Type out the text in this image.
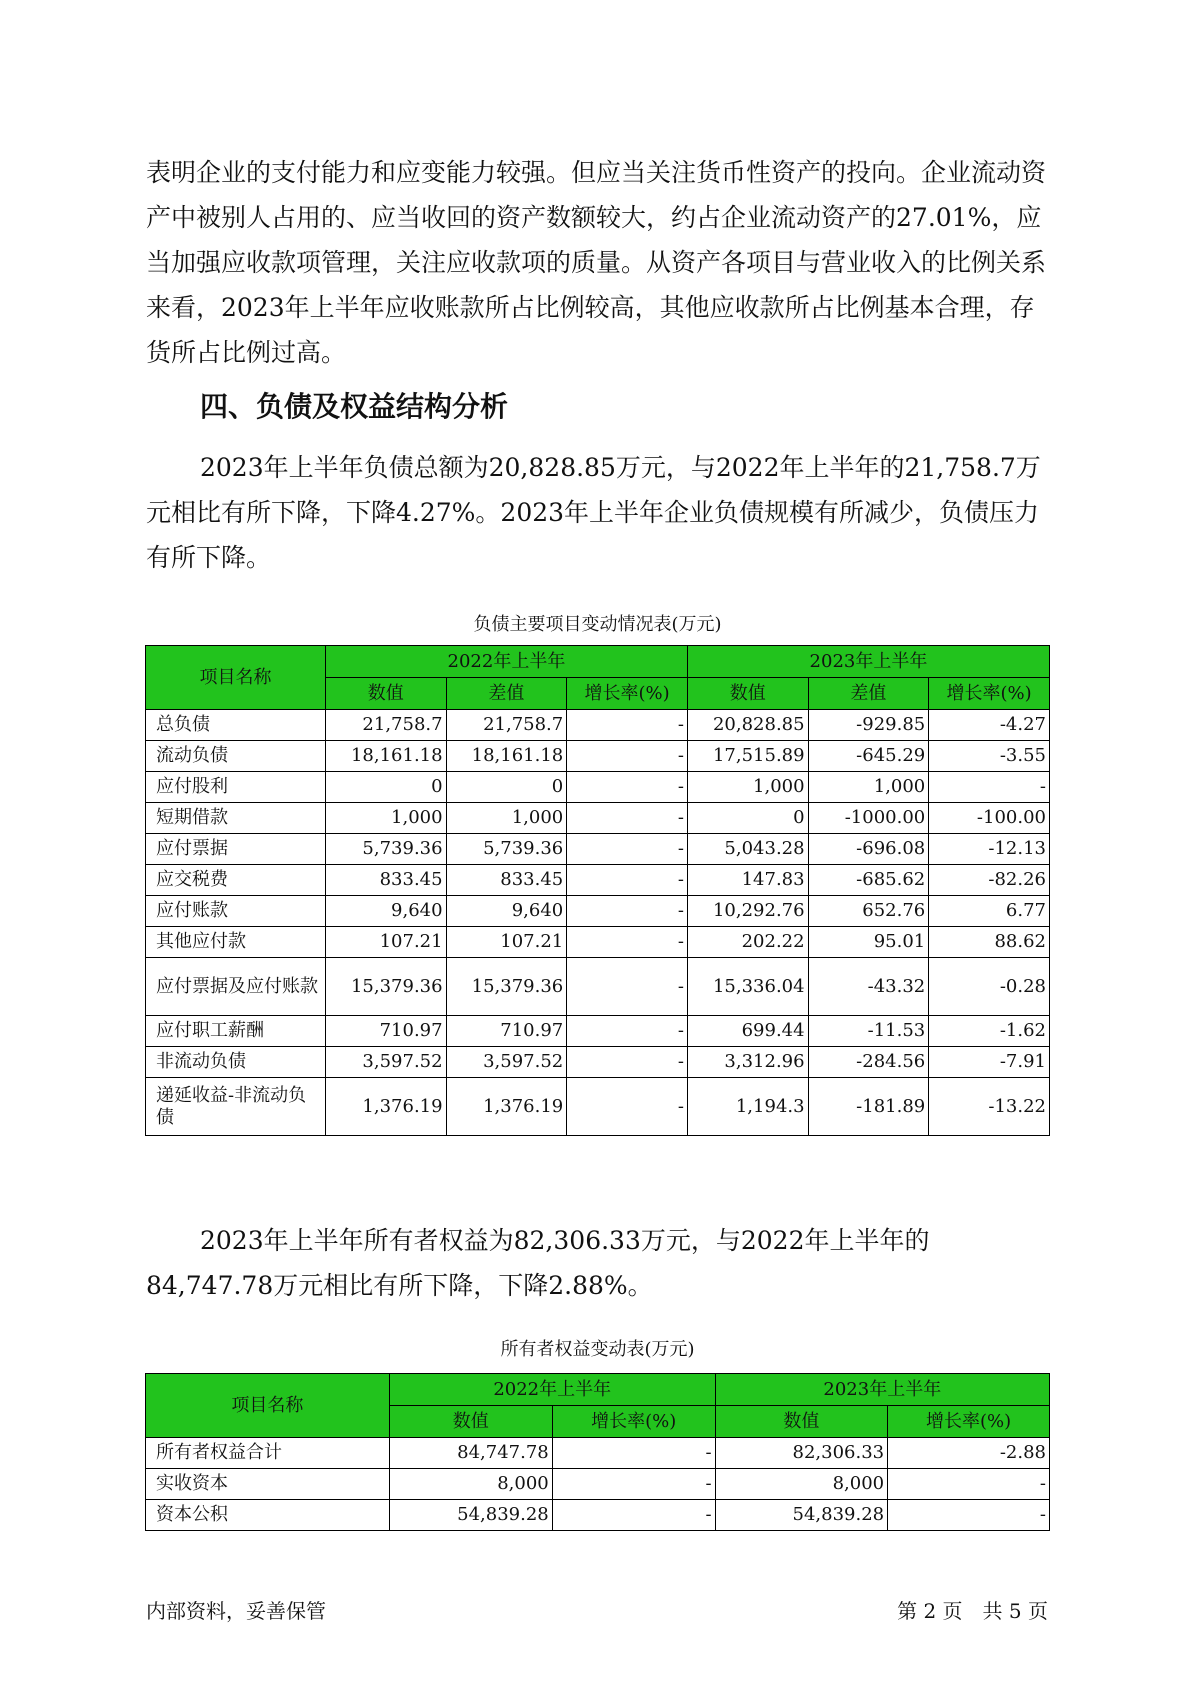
表明企业的支付能力和应变能力较强。但应当关注货币性资产的投向。企业流动资产中被别人占用的、应当收回的资产数额较大，约占企业流动资产的27.01%，应当加强应收款项管理，关注应收款项的质量。从资产各项目与营业收入的比例关系来看，2023年上半年应收账款所占比例较高，其他应收款所占比例基本合理，存货所占比例过高。

四、负债及权益结构分析

2023年上半年负债总额为20,828.85万元，与2022年上半年的21,758.7万元相比有所下降，下降4.27%。2023年上半年企业负债规模有所减少，负债压力有所下降。

负债主要项目变动情况表(万元)
项目名称	2022年上半年			2023年上半年		
	数值	差值	增长率(%)	数值	差值	增长率(%)
总负债	21,758.7	21,758.7	-	20,828.85	-929.85	-4.27
流动负债	18,161.18	18,161.18	-	17,515.89	-645.29	-3.55
应付股利	0	0	-	1,000	1,000	-
短期借款	1,000	1,000	-	0	-1000.00	-100.00
应付票据	5,739.36	5,739.36	-	5,043.28	-696.08	-12.13
应交税费	833.45	833.45	-	147.83	-685.62	-82.26
应付账款	9,640	9,640	-	10,292.76	652.76	6.77
其他应付款	107.21	107.21	-	202.22	95.01	88.62
应付票据及应付账款	15,379.36	15,379.36	-	15,336.04	-43.32	-0.28
应付职工薪酬	710.97	710.97	-	699.44	-11.53	-1.62
非流动负债	3,597.52	3,597.52	-	3,312.96	-284.56	-7.91
递延收益-非流动负债	1,376.19	1,376.19	-	1,194.3	-181.89	-13.22

2023年上半年所有者权益为82,306.33万元，与2022年上半年的84,747.78万元相比有所下降，下降2.88%。

所有者权益变动表(万元)
项目名称	2022年上半年		2023年上半年	
	数值	增长率(%)	数值	增长率(%)
所有者权益合计	84,747.78	-	82,306.33	-2.88
实收资本	8,000	-	8,000	-
资本公积	54,839.28	-	54,839.28	-
内部资料，妥善保管	第 2 页　共 5 页
